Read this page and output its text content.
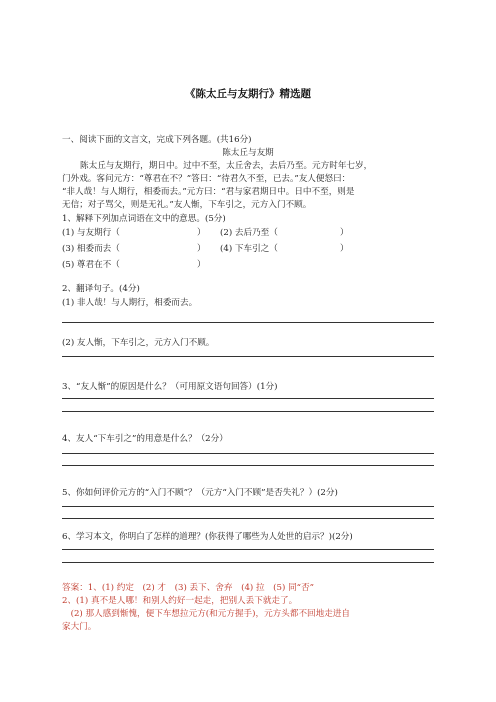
《陈太丘与友期行》精选题
一、阅读下面的文言文，完成下列各题。(共16分)
陈太丘与友期
陈太丘与友期行，期日中。过中不至，太丘舍去，去后乃至。元方时年七岁，
门外戏。客问元方：“尊君在不？”答曰：“待君久不至，已去。”友人便怒曰：
“非人哉！与人期行，相委而去。”元方曰：“君与家君期日中。日中不至，则是
无信；对子骂父，则是无礼。”友人惭，下车引之，元方入门不顾。
1、解释下列加点词语在文中的意思。(5分)
(1) 与友期行（	） (2) 去后乃至（	）
(3) 相委而去（	） (4) 下车引之（	）
(5) 尊君在不（	）
2、翻译句子。(4分)
(1) 非人哉！与人期行，相委而去。
(2) 友人惭，下车引之，元方入门不顾。
3、“友人惭”的原因是什么？（可用原文语句回答）(1分)
4、友人“下车引之”的用意是什么？（2分）
5、你如何评价元方的“入门不顾”？（元方“入门不顾”是否失礼？）(2分)
6、学习本文，你明白了怎样的道理？(你获得了哪些为人处世的启示？)(2分)
答案：1、(1) 约定　(2) 才　(3) 丢下、舍弃　(4) 拉　(5) 同“否”
2、(1) 真不是人哪！和别人约好一起走，把别人丢下就走了。
　(2) 那人感到惭愧，便下车想拉元方(和元方握手)，元方头都不回地走进自
家大门。
